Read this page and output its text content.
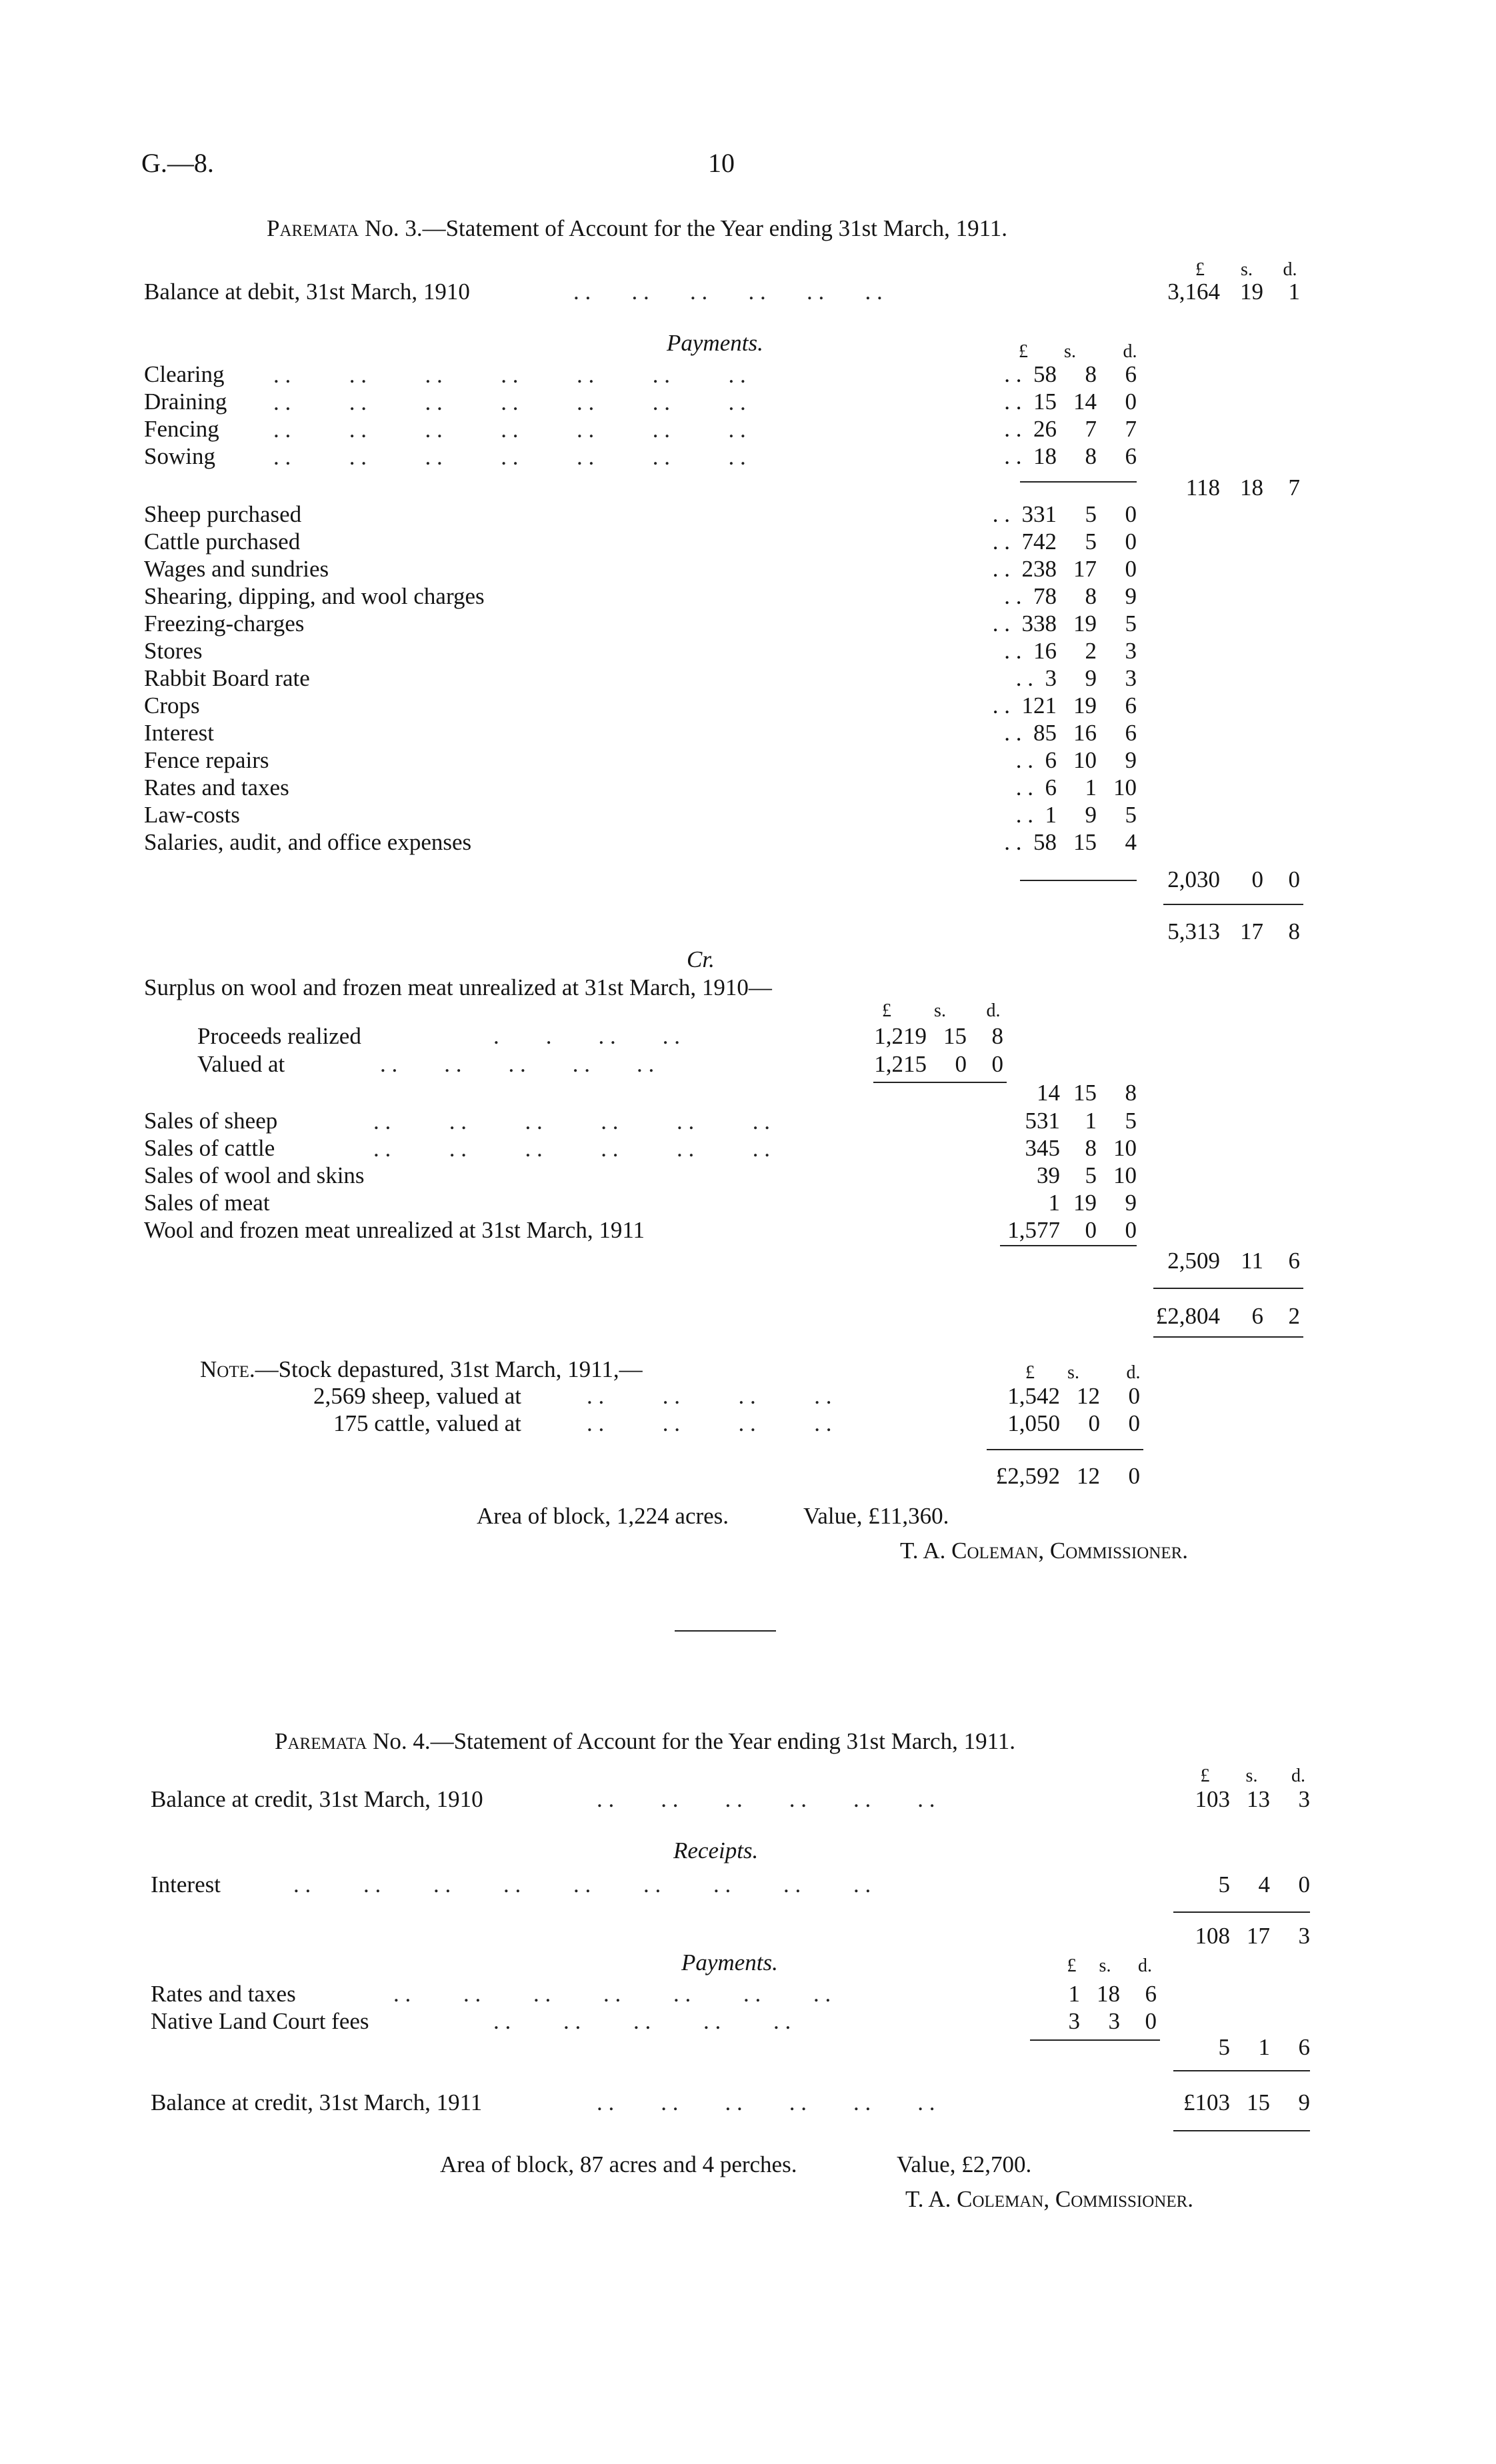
G.—8.	10
Paremata No. 3.—Statement of Account for the Year ending 31st March, 1911.
£	s.	d.
Balance at debit, 31st March, 1910	. .       . .       . .       . .       . .       . .	3,164 19	1
Payments.	£	s.	d.
Clearing	. .  58	8	6
Draining	. .  15 14	0
Fencing	. .  26	7	7
Sowing	. .  18	8	6
118 18	7
Sheep purchased	. .  331	5	0
Cattle purchased	. .  742	5	0
Wages and sundries	. .  238 17	0
Shearing, dipping, and wool charges	. .  78	8	9
Freezing-charges	. .  338 19	5
Stores	. .  16	2	3
Rabbit Board rate	. .  3	9	3
Crops	. .  121 19	6
Interest	. .  85 16	6
Fence repairs	. .  6 10	9
Rates and taxes	. .  6	1 10
Law-costs	. .  1	9	5
Salaries, audit, and office expenses	. .  58 15	4
. .          . .          . .          . .          . .          . .          . .
. .          . .          . .          . .          . .          . .          . .
. .          . .          . .          . .          . .          . .          . .
. .          . .          . .          . .          . .          . .          . .
2,030	0	0
5,313 17	8
Cr.
Surplus on wool and frozen meat unrealized at 31st March, 1910—
£	s.	d.
Proceeds realized	.        .        . .        . .	1,219 15	8
Valued at	. .        . .        . .        . .        . .	1,215	0	0
14 15	8
Sales of sheep	531	1	5
Sales of cattle	345	8 10
Sales of wool and skins	39	5 10
Sales of meat	1 19	9
Wool and frozen meat unrealized at 31st March, 1911	1,577	0	0
. .          . .          . .          . .          . .          . .
. .          . .          . .          . .          . .          . .
2,509 11	6
£2,804	6	2
Note.—Stock depastured, 31st March, 1911,—	£	s.	d.
2,569 sheep, valued at	. .          . .          . .          . .	1,542 12	0
175 cattle, valued at	. .          . .          . .          . .	1,050	0	0
£2,592 12	0
Area of block, 1,224 acres.	Value, £11,360.
T. A. Coleman, Commissioner.
Paremata No. 4.—Statement of Account for the Year ending 31st March, 1911.
£	s.	d.
Balance at credit, 31st March, 1910	. .        . .        . .        . .        . .        . .	103 13	3
Receipts.
Interest	. .         . .         . .         . .         . .         . .         . .         . .         . .	5	4	0
108 17	3
Payments.	£	s.	d.
Rates and taxes	. .         . .         . .         . .         . .         . .         . .	1 18	6
Native Land Court fees	. .         . .         . .         . .         . .	3	3	0
5	1	6
Balance at credit, 31st March, 1911	. .        . .        . .        . .        . .        . .	£103 15	9
Area of block, 87 acres and 4 perches.	Value, £2,700.
T. A. Coleman, Commissioner.
